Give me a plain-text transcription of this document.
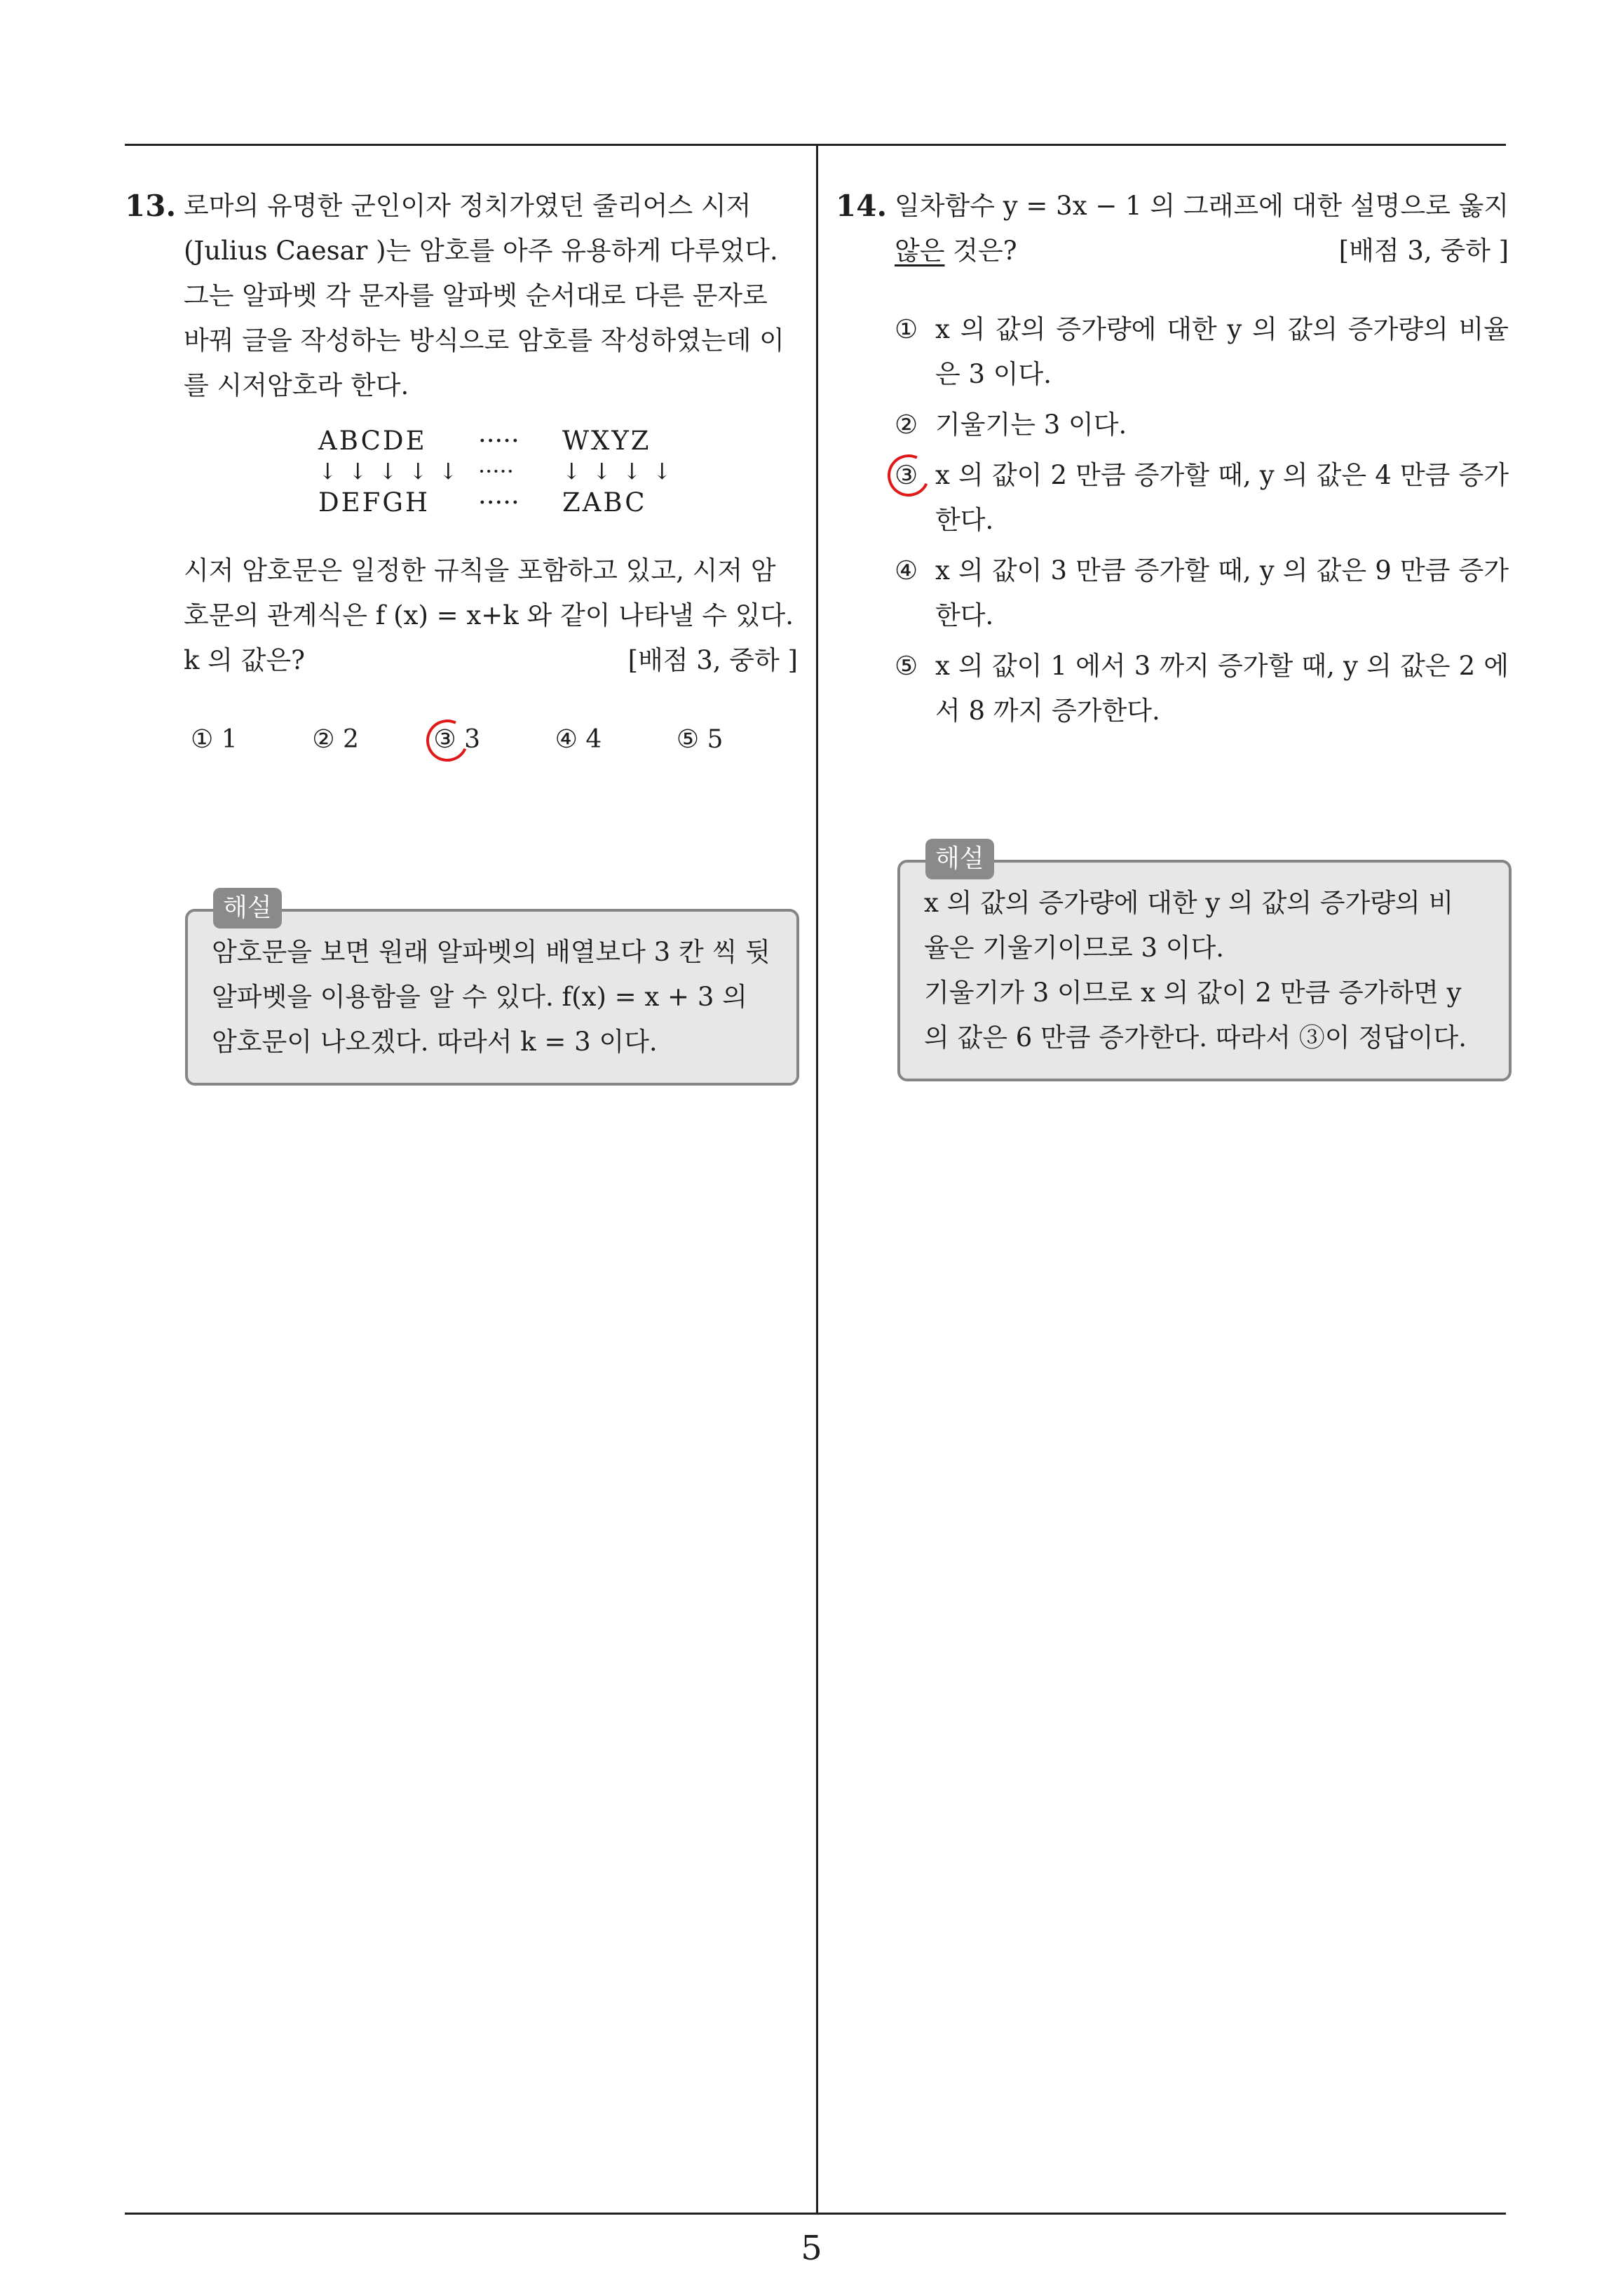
13. 로마의 유명한 군인이자 정치가였던 줄리어스 시저
(Julius Caesar )는 암호를 아주 유용하게 다루었다.
그는 알파벳 각 문자를 알파벳 순서대로 다른 문자로
바꿔 글을 작성하는 방식으로 암호를 작성하였는데 이
를 시저암호라 한다.
ABCDE	·····	WXYZ
↓ ↓ ↓ ↓ ↓ ·····	↓ ↓ ↓ ↓
DEFGH	·····	ZABC
시저 암호문은 일정한 규칙을 포함하고 있고, 시저 암
호문의 관계식은 f (x) = x+k 와 같이 나타낼 수 있다.
k 의 값은?	[배점 3, 중하 ]
① 1	② 2	③ 3	④ 4	⑤ 5
해설
암호문을 보면 원래 알파벳의 배열보다 3 칸 씩 뒷
알파벳을 이용함을 알 수 있다. f(x) = x + 3 의
암호문이 나오겠다. 따라서 k = 3 이다.
14. 일차함수 y = 3x − 1 의 그래프에 대한 설명으로 옳지
않은 것은?	[배점 3, 중하 ]
① x 의 값의 증가량에 대한 y 의 값의 증가량의 비율은 3 이다.
② 기울기는 3 이다.
③ x 의 값이 2 만큼 증가할 때, y 의 값은 4 만큼 증가한다.
④ x 의 값이 3 만큼 증가할 때, y 의 값은 9 만큼 증가한다.
⑤ x 의 값이 1 에서 3 까지 증가할 때, y 의 값은 2 에서 8 까지 증가한다.
해설
x 의 값의 증가량에 대한 y 의 값의 증가량의 비
율은 기울기이므로 3 이다.
기울기가 3 이므로 x 의 값이 2 만큼 증가하면 y
의 값은 6 만큼 증가한다. 따라서 ③이 정답이다.
5
